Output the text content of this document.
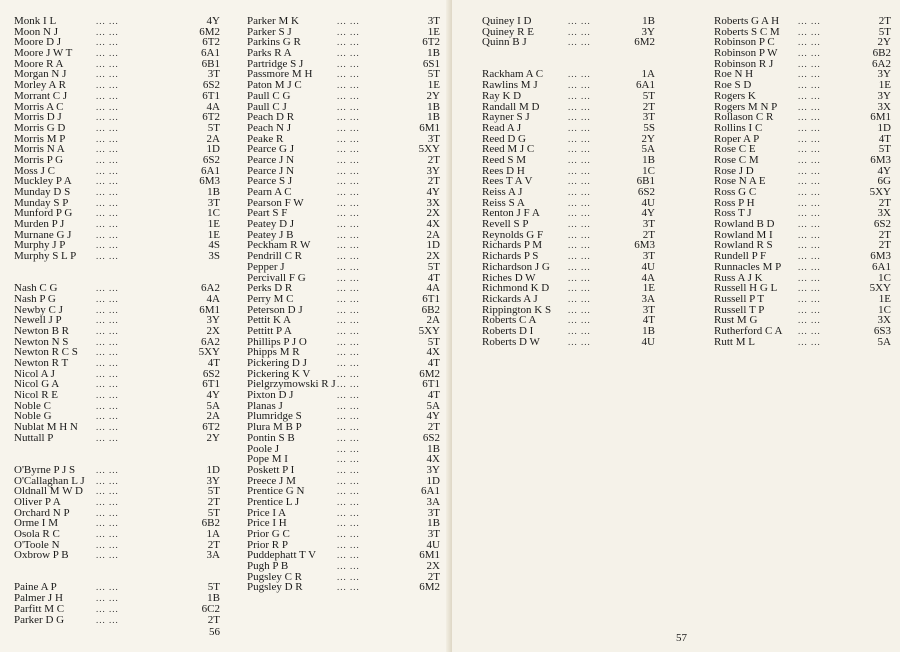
Monk I L	... ...	4Y
Moon N J	... ...	6M2
Moore D J	... ...	6T2
Moore J W T	... ...	6A1
Moore R A	... ...	6B1
Morgan N J	... ...	3T
Morley A R	... ...	6S2
Morrant C J	... ...	6T1
Morris A C	... ...	4A
Morris D J	... ...	6T2
Morris G D	... ...	5T
Morris M P	... ...	2A
Morris N A	... ...	1D
Morris P G	... ...	6S2
Moss J C	... ...	6A1
Muckley P A	... ...	6M3
Munday D S	... ...	1B
Munday S P	... ...	3T
Munford P G	... ...	1C
Murden P J	... ...	1E
Murnane G J	... ...	1E
Murphy J P	... ...	4S
Murphy S L P ... ...	3S
Nash C G	... ...	6A2
Nash P G	... ...	4A
Newby C J	... ...	6M1
Newell J P	... ...	3Y
Newton B R	... ...	2X
Newton N S	... ...	6A2
Newton R C S ... ...	5XY
Newton R T	... ...	4T
Nicol A J	... ...	6S2
Nicol G A	... ...	6T1
Nicol R E	... ...	4Y
Noble C	... ...	5A
Noble G	... ...	2A
Nublat M H N ... ...	6T2
Nuttall P	... ...	2Y
O'Byrne P J S ... ...	1D
O'Callaghan L J ... ...	3Y
Oldnall M W D ... ...	5T
Oliver P A	... ...	2T
Orchard N P	... ...	5T
Orme I M	... ...	6B2
Osola R C	... ...	1A
O'Toole N	... ...	2T
Oxbrow P B	... ...	3A
Paine A P	... ...	5T
Palmer J H	... ...	1B
Parfitt M C	... ...	6C2
Parker D G	... ...	2T
Parker M K	... ...	3T
Parker S J	... ...	1E
Parkins G R	... ...	6T2
Parks R A	... ...	1B
Partridge S J	... ...	6S1
Passmore M H	... ...	5T
Paton M J C	... ...	1E
Paull C G	... ...	2Y
Paull C J	... ...	1B
Peach D R	... ...	1B
Peach N J	... ...	6M1
Peake R	... ...	3T
Pearce G J	... ...	5XY
Pearce J N	... ...	2T
Pearce J N	... ...	3Y
Pearce S J	... ...	2T
Pearn A C	... ...	4Y
Pearson F W	... ...	3X
Peart S F	... ...	2X
Peatey D J	... ...	4X
Peatey J B	... ...	2A
Peckham R W	... ...	1D
Pendrill C R	... ...	2X
Pepper J	... ...	5T
Percivall F G	... ...	4T
Perks D R	... ...	4A
Perry M C	... ...	6T1
Peterson D J	... ...	6B2
Pettit K A	... ...	2A
Pettitt P A	... ...	5XY
Phillips P J O	... ...	5T
Phipps M R	... ...	4X
Pickering D J	... ...	4T
Pickering K V	... ...	6M2
Pielgrzymowski R J ... ...	6T1
Pixton D J	... ...	4T
Planas J	... ...	5A
Plumridge S	... ...	4Y
Plura M B P	... ...	2T
Pontin S B	... ...	6S2
Poole J	... ...	1B
Pope M I	... ...	4X
Poskett P I	... ...	3Y
Preece J M	... ...	1D
Prentice G N	... ...	6A1
Prentice L J	... ...	3A
Price I A	... ...	3T
Price I H	... ...	1B
Prior G C	... ...	3T
Prior R P	... ...	4U
Puddephatt T V ... ...	6M1
Pugh P B	... ...	2X
Pugsley C R	... ...	2T
Pugsley D R	... ...	6M2
56
Quiney I D	... ...	1B
Quiney R E	... ...	3Y
Quinn B J	... ...	6M2
Rackham A C	... ...	1A
Rawlins M J	... ...	6A1
Ray K D	... ...	5T
Randall M D	... ...	2T
Rayner S J	... ...	3T
Read A J	... ...	5S
Reed D G	... ...	2Y
Reed M J C	... ...	5A
Reed S M	... ...	1B
Rees D H	... ...	1C
Rees T A V	... ...	6B1
Reiss A J	... ...	6S2
Reiss S A	... ...	4U
Renton J F A	... ...	4Y
Revell S P	... ...	3T
Reynolds G F	... ...	2T
Richards P M	... ...	6M3
Richards P S	... ...	3T
Richardson J G ... ...	4U
Riches D W	... ...	4A
Richmond K D ... ...	1E
Rickards A J	... ...	3A
Rippington K S ... ...	3T
Roberts C A	... ...	4T
Roberts D I	... ...	1B
Roberts D W	... ...	4U
Roberts G A H ... ...	2T
Roberts S C M ... ...	5T
Robinson P C	... ...	2Y
Robinson P W ... ...	6B2
Robinson R J	... ...	6A2
Roe N H	... ...	3Y
Roe S D	... ...	1E
Rogers K	... ...	3Y
Rogers M N P ... ...	3X
Rollason C R	... ...	6M1
Rollins I C	... ...	1D
Roper A P	... ...	4T
Rose C E	... ...	5T
Rose C M	... ...	6M3
Rose J D	... ...	4Y
Rose N A E	... ...	6G
Ross G C	... ...	5XY
Ross P H	... ...	2T
Ross T J	... ...	3X
Rowland B D	... ...	6S2
Rowland M I	... ...	2T
Rowland R S	... ...	2T
Rundell P F	... ...	6M3
Runnacles M P ... ...	6A1
Russ A J K	... ...	1C
Russell H G L ... ...	5XY
Russell P T	... ...	1E
Russell T P	... ...	1C
Rust M G	... ...	3X
Rutherford C A ... ...	6S3
Rutt M L	... ...	5A
57
